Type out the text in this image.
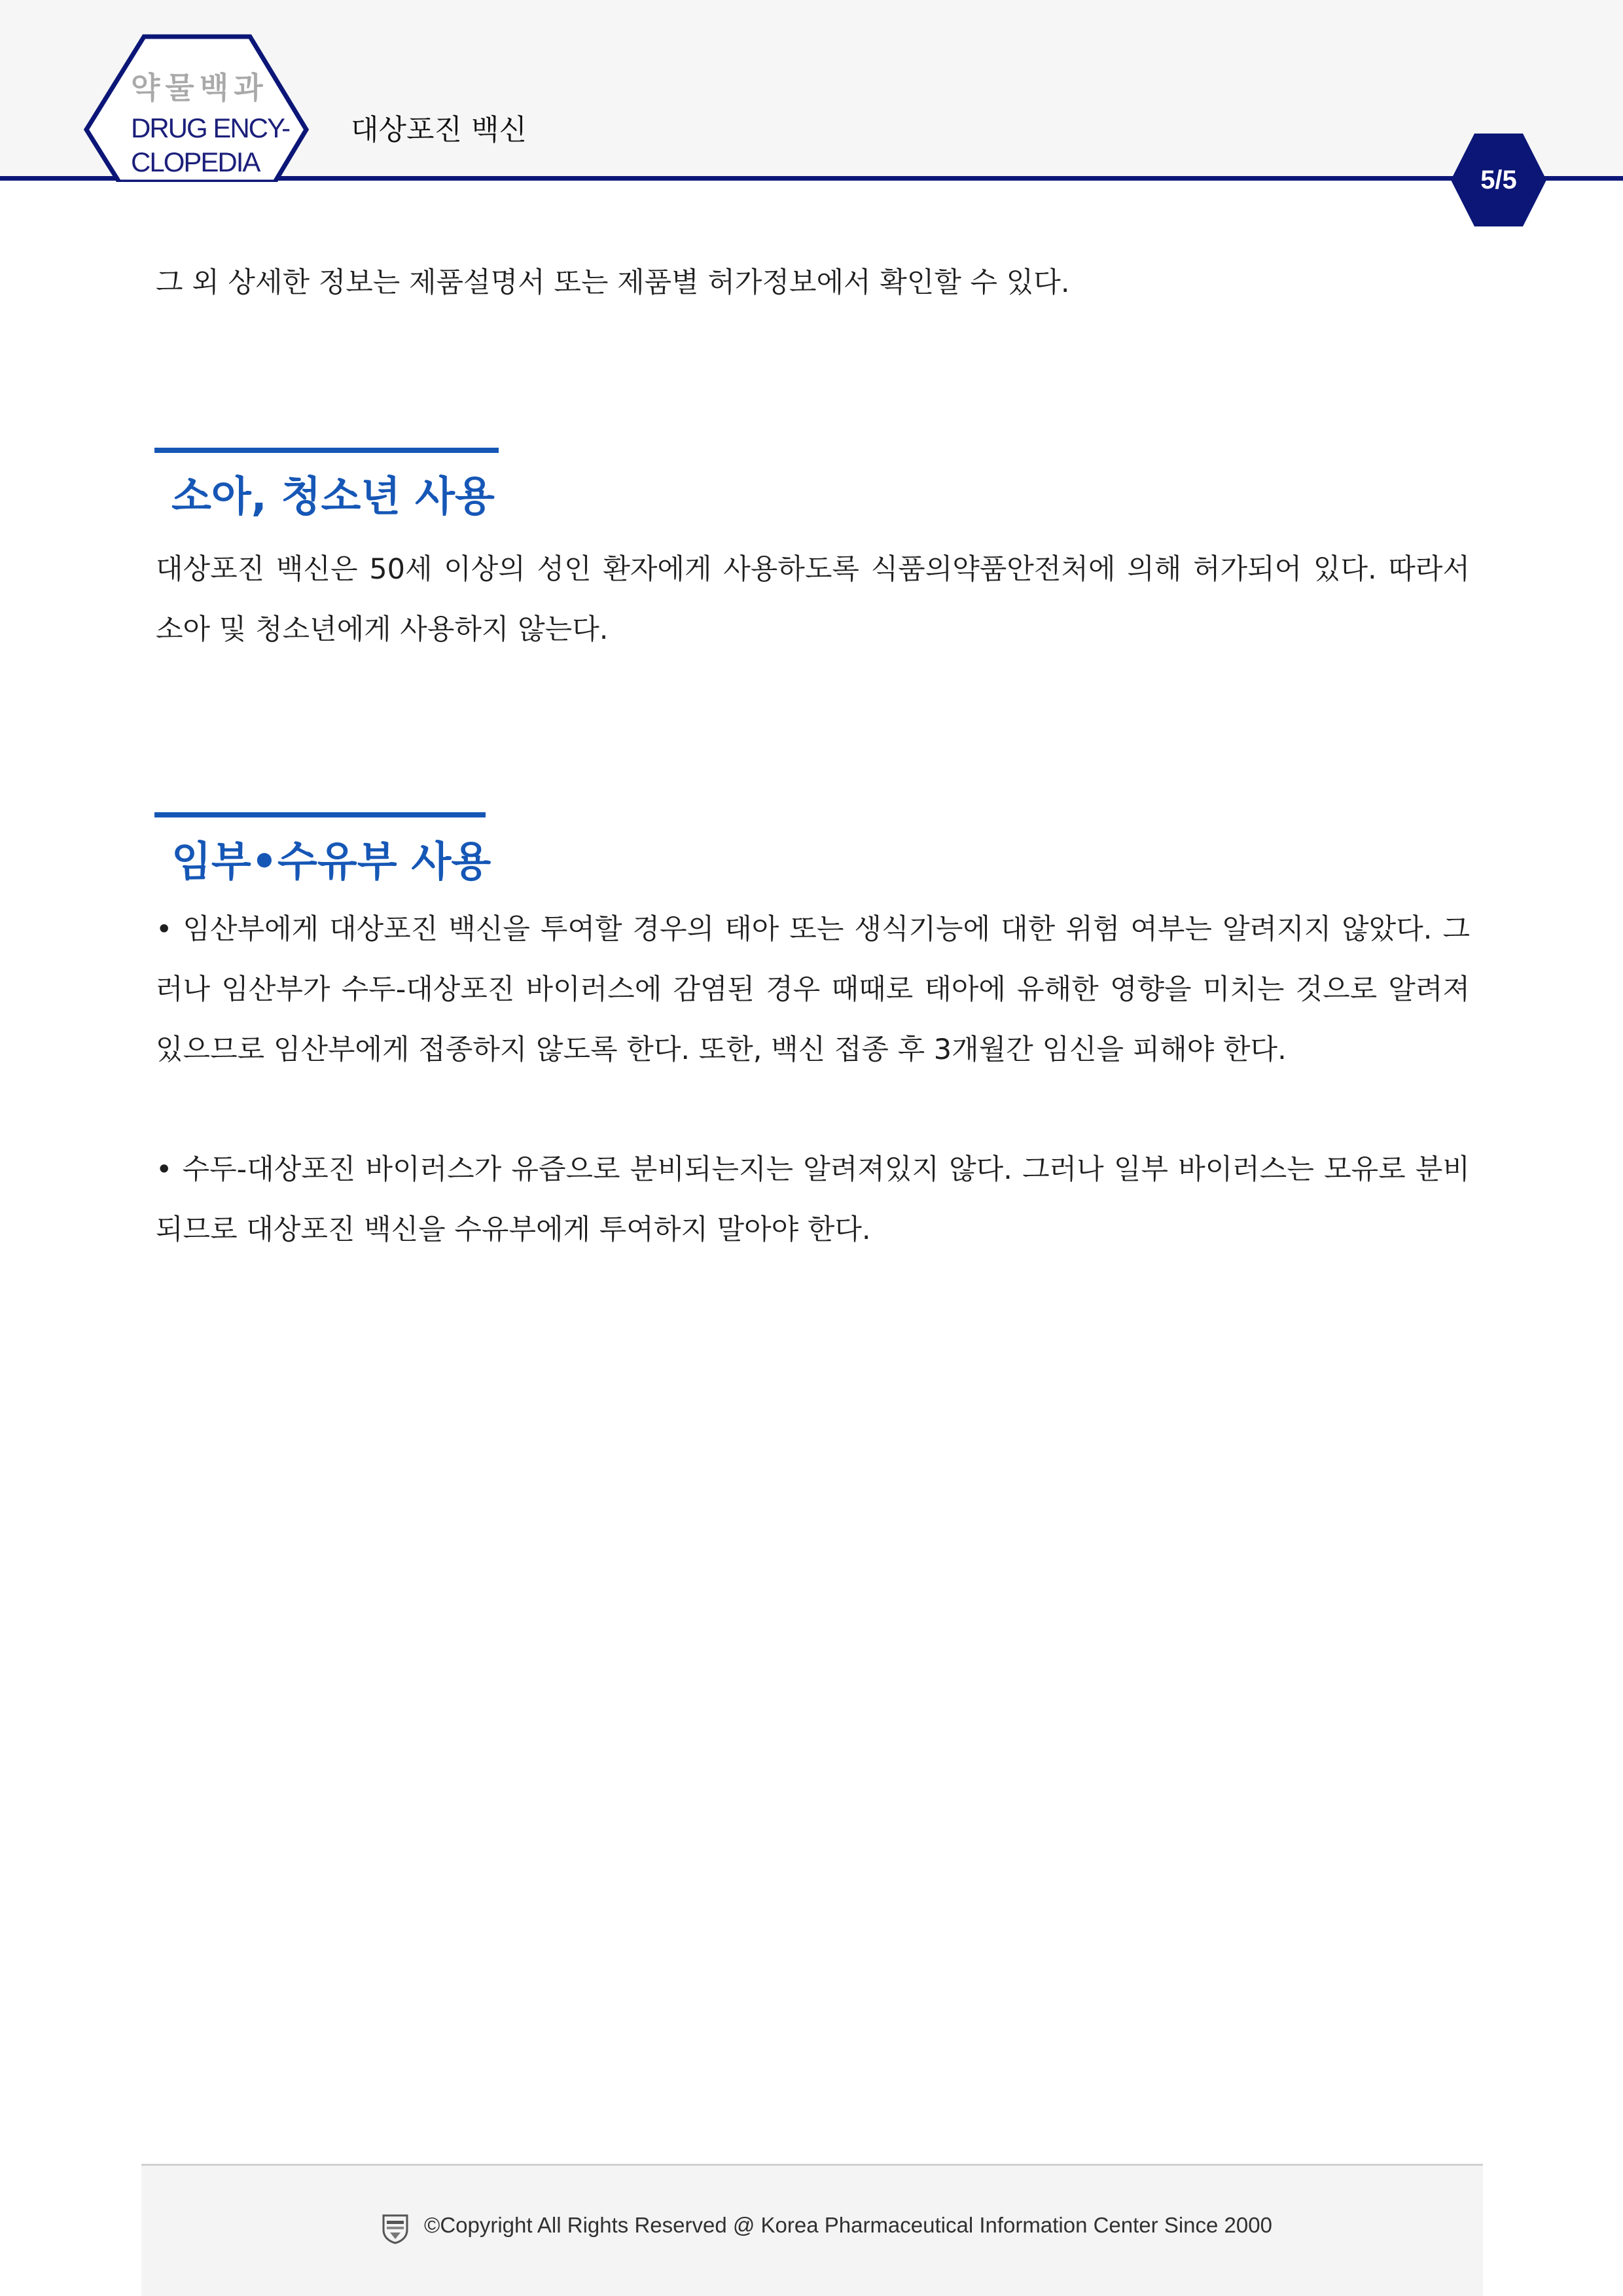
약물백과
DRUG ENCY-
CLOPEDIA
대상포진 백신
5/5

그 외 상세한 정보는 제품설명서 또는 제품별 허가정보에서 확인할 수 있다.

소아, 청소년 사용

대상포진 백신은 50세 이상의 성인 환자에게 사용하도록 식품의약품안전처에 의해 허가되어 있다. 따라서 소아 및 청소년에게 사용하지 않는다.

임부•수유부 사용

• 임산부에게 대상포진 백신을 투여할 경우의 태아 또는 생식기능에 대한 위험 여부는 알려지지 않았다. 그러나 임산부가 수두-대상포진 바이러스에 감염된 경우 때때로 태아에 유해한 영향을 미치는 것으로 알려져 있으므로 임산부에게 접종하지 않도록 한다. 또한, 백신 접종 후 3개월간 임신을 피해야 한다.

• 수두-대상포진 바이러스가 유즙으로 분비되는지는 알려져있지 않다. 그러나 일부 바이러스는 모유로 분비되므로 대상포진 백신을 수유부에게 투여하지 말아야 한다.

©Copyright All Rights Reserved @ Korea Pharmaceutical Information Center Since 2000
